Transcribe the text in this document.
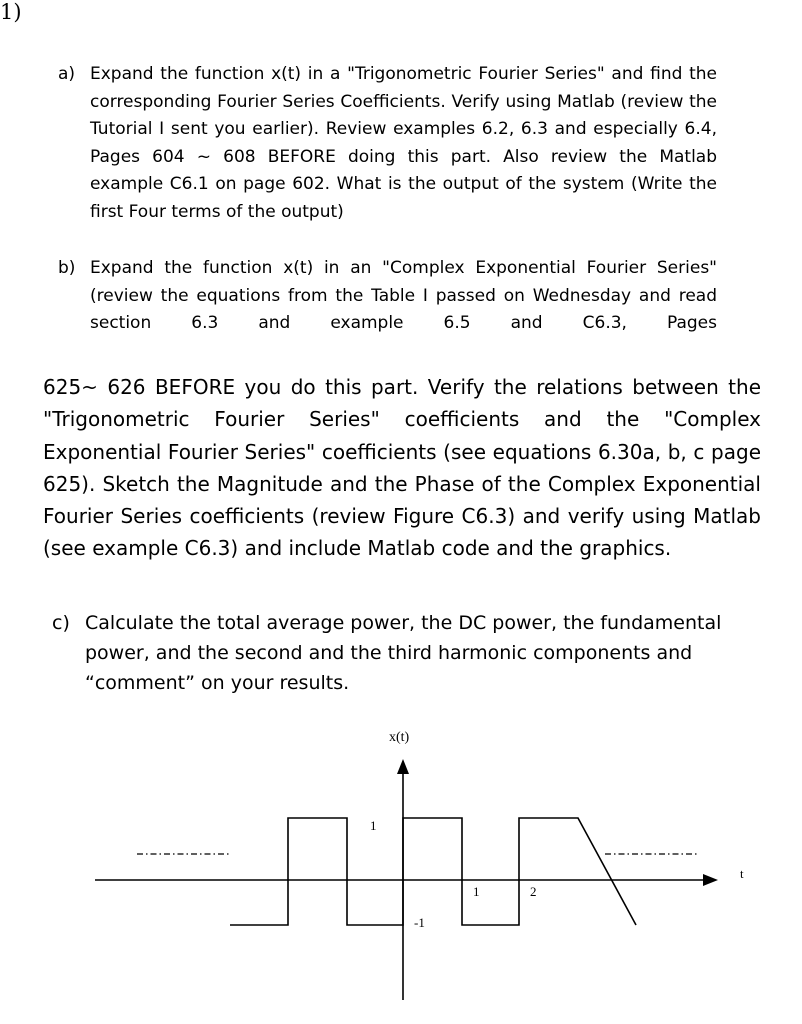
1)
a) Expand the function x(t) in a "Trigonometric Fourier Series" and find the corresponding Fourier Series Coefficients. Verify using Matlab (review the Tutorial I sent you earlier). Review examples 6.2, 6.3 and especially 6.4, Pages 604 ~ 608 BEFORE doing this part. Also review the Matlab example C6.1 on page 602. What is the output of the system (Write the first Four terms of the output)
b) Expand the function x(t) in an "Complex Exponential Fourier Series" (review the equations from the Table I passed on Wednesday and read section 6.3 and example 6.5 and C6.3, Pages
625~ 626 BEFORE you do this part. Verify the relations between the "Trigonometric Fourier Series" coefficients and the "Complex Exponential Fourier Series" coefficients (see equations 6.30a, b, c page 625). Sketch the Magnitude and the Phase of the Complex Exponential Fourier Series coefficients (review Figure C6.3) and verify using Matlab (see example C6.3) and include Matlab code and the graphics.
c) Calculate the total average power, the DC power, the fundamental power, and the second and the third harmonic components and “comment” on your results.
x(t)
t
1
-1
1	2
